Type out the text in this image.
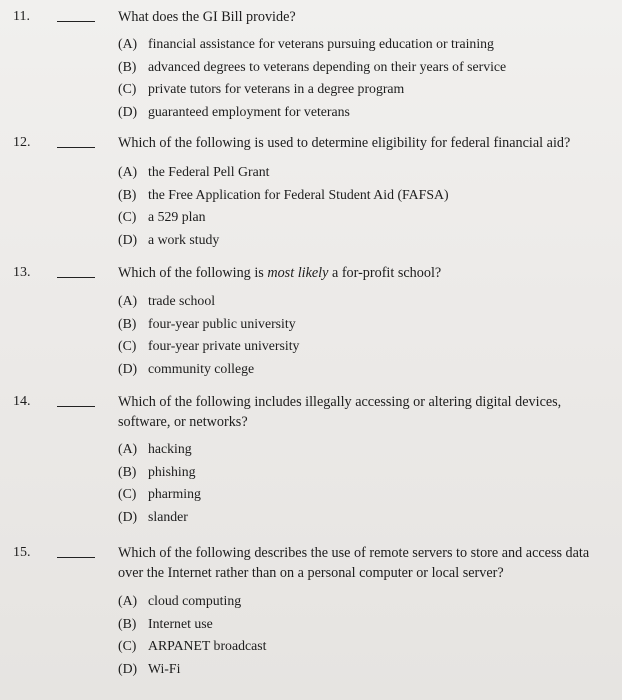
11.	What does the GI Bill provide?
(A) financial assistance for veterans pursuing education or training
(B) advanced degrees to veterans depending on their years of service
(C) private tutors for veterans in a degree program
(D) guaranteed employment for veterans
12.	Which of the following is used to determine eligibility for federal financial aid?
(A) the Federal Pell Grant
(B) the Free Application for Federal Student Aid (FAFSA)
(C) a 529 plan
(D) a work study
13.	Which of the following is most likely a for-profit school?
(A) trade school
(B) four-year public university
(C) four-year private university
(D) community college
14.	Which of the following includes illegally accessing or altering digital devices,
software, or networks?
(A) hacking
(B) phishing
(C) pharming
(D) slander
15.	Which of the following describes the use of remote servers to store and access data
over the Internet rather than on a personal computer or local server?
(A) cloud computing
(B) Internet use
(C) ARPANET broadcast
(D) Wi-Fi
